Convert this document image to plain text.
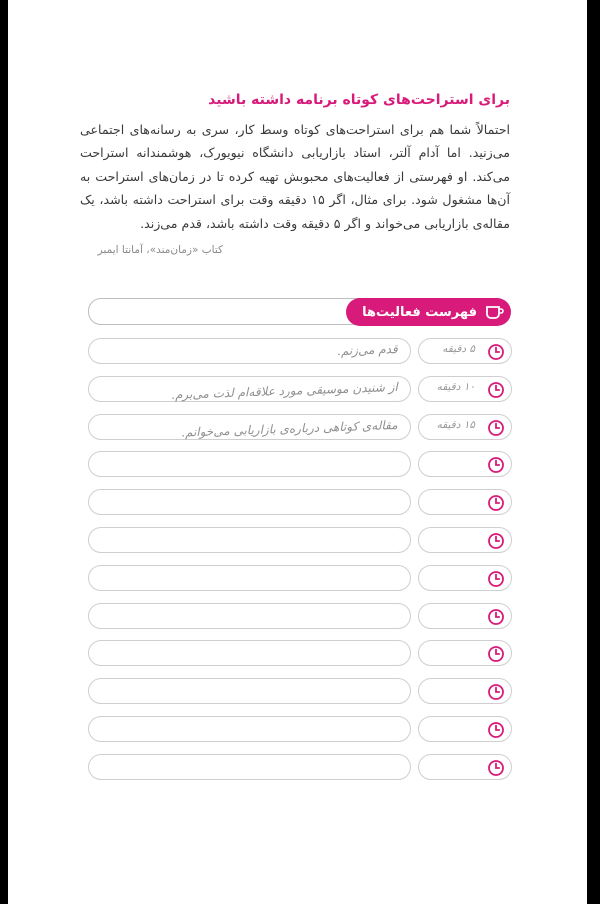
برای استراحت‌های کوتاه برنامه داشته باشید

احتمالاً شما هم برای استراحت‌های کوتاه وسط کار، سری به رسانه‌های اجتماعی می‌زنید. اما آدام آلتر، استاد بازاریابی دانشگاه نیویورک، هوشمندانه استراحت می‌کند. او فهرستی از فعالیت‌های محبوبش تهیه کرده تا در زمان‌های استراحت به آن‌ها مشغول شود. برای مثال، اگر ۱۵ دقیقه وقت برای استراحت داشته باشد، یک مقاله‌ی بازاریابی می‌خواند و اگر ۵ دقیقه وقت داشته باشد، قدم می‌زند.

کتاب «زمان‌مند»، آمانتا ایمبر
فهرست فعالیت‌ها
قدم می‌زنم.	۵ دقیقه
از شنیدن موسیقی مورد علاقه‌ام لذت می‌برم.	۱۰ دقیقه
مقاله‌ی کوتاهی درباره‌ی بازاریابی می‌خوانم.	۱۵ دقیقه
